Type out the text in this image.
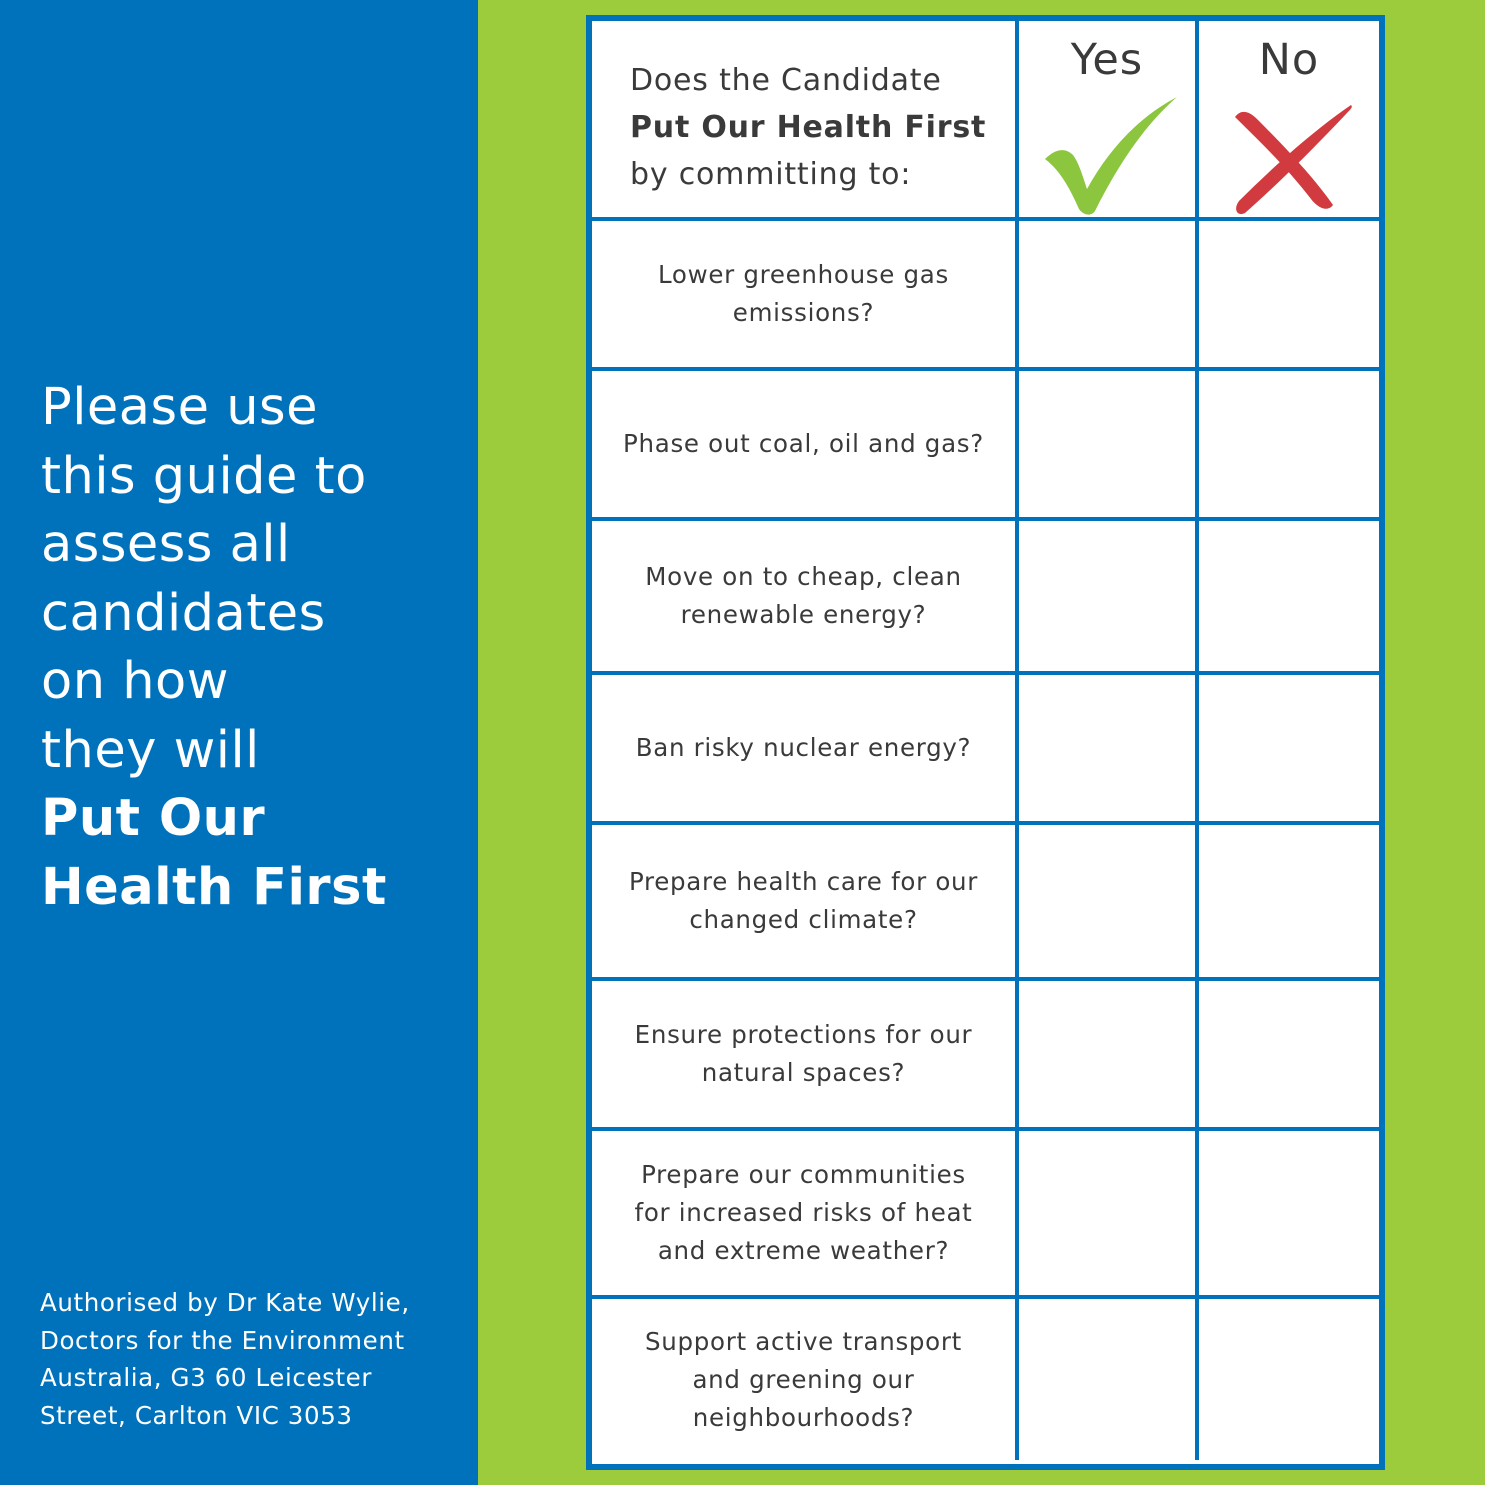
Please use
this guide to
assess all
candidates
on how
they will
Put Our
Health First
Authorised by Dr Kate Wylie,
Doctors for the Environment
Australia, G3 60 Leicester
Street, Carlton VIC 3053
Does the Candidate
Put Our Health First
by committing to:
Yes	No
Lower greenhouse gas
emissions?
Phase out coal, oil and gas?
Move on to cheap, clean
renewable energy?
Ban risky nuclear energy?
Prepare health care for our
changed climate?
Ensure protections for our
natural spaces?
Prepare our communities
for increased risks of heat
and extreme weather?
Support active transport
and greening our
neighbourhoods?
